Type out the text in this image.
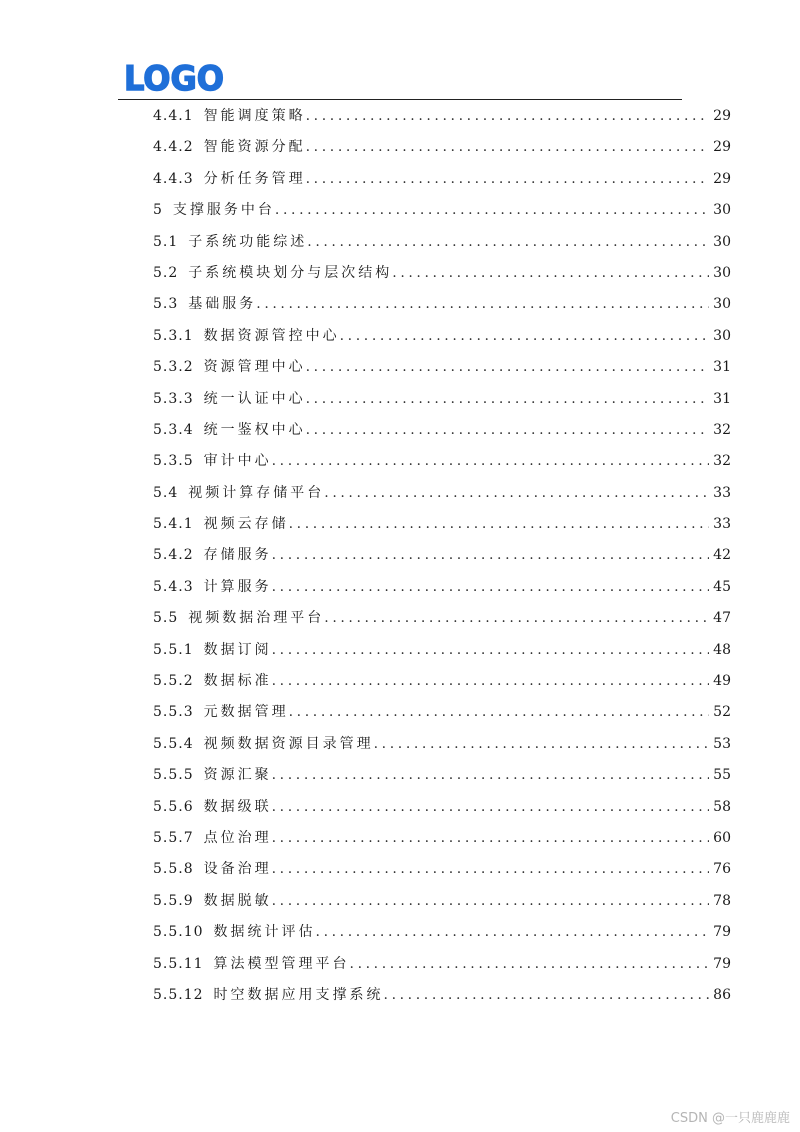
LOGO
4.4.1 智能调度策略 .....	29
4.4.2 智能资源分配 .....	29
4.4.3 分析任务管理 .....	29
5 支撑服务中台 .....	30
5.1 子系统功能综述 .....	30
5.2 子系统模块划分与层次结构 .....	30
5.3 基础服务 .....	30
5.3.1 数据资源管控中心 .....	30
5.3.2 资源管理中心 .....	31
5.3.3 统一认证中心 .....	31
5.3.4 统一鉴权中心 .....	32
5.3.5 审计中心 .....	32
5.4 视频计算存储平台 .....	33
5.4.1 视频云存储 .....	33
5.4.2 存储服务 .....	42
5.4.3 计算服务 .....	45
5.5 视频数据治理平台 .....	47
5.5.1 数据订阅 .....	48
5.5.2 数据标准 .....	49
5.5.3 元数据管理 .....	52
5.5.4 视频数据资源目录管理 .....	53
5.5.5 资源汇聚 .....	55
5.5.6 数据级联 .....	58
5.5.7 点位治理 .....	60
5.5.8 设备治理 .....	76
5.5.9 数据脱敏 .....	78
5.5.10 数据统计评估 .....	79
5.5.11 算法模型管理平台 .....	79
5.5.12 时空数据应用支撑系统 .....	86
CSDN @一只鹿鹿鹿
